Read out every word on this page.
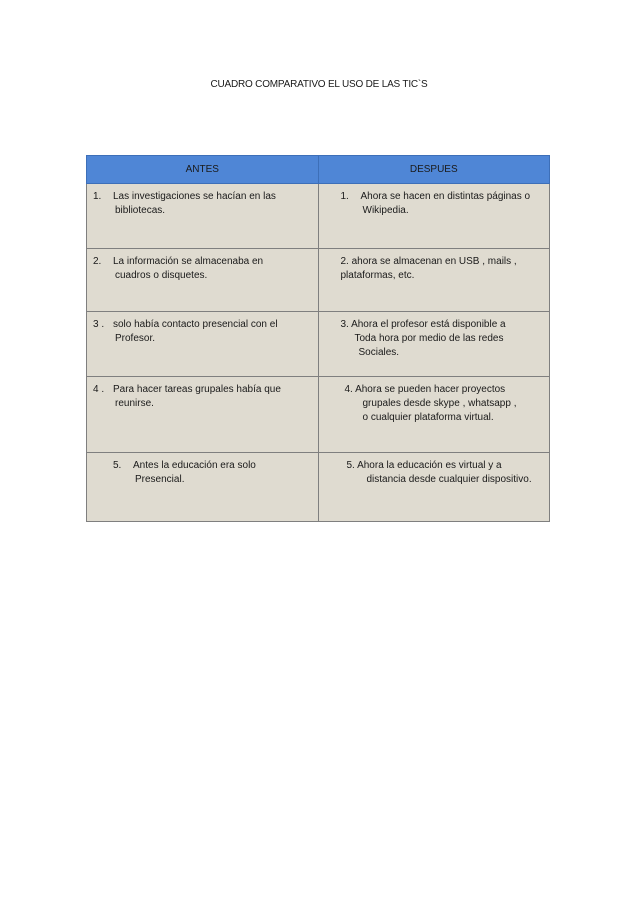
CUADRO COMPARATIVO EL USO DE LAS TIC`S
ANTES	DESPUES

1. Las investigaciones se hacían en las
bibliotecas.	1. Ahora se hacen en distintas páginas o
Wikipedia.

2. La información se almacenaba en
cuadros o disquetes.	2. ahora se almacenan en USB , mails ,
plataformas, etc.

3 . solo había contacto presencial con el
Profesor.	3. Ahora el profesor está disponible a
Toda hora por medio de las redes
Sociales.

4 . Para hacer tareas grupales había que
reunirse.	4. Ahora se pueden hacer proyectos
grupales desde skype , whatsapp ,
o cualquier plataforma virtual.

5. Antes la educación era solo
Presencial.	5. Ahora la educación es virtual y a
distancia desde cualquier dispositivo.
